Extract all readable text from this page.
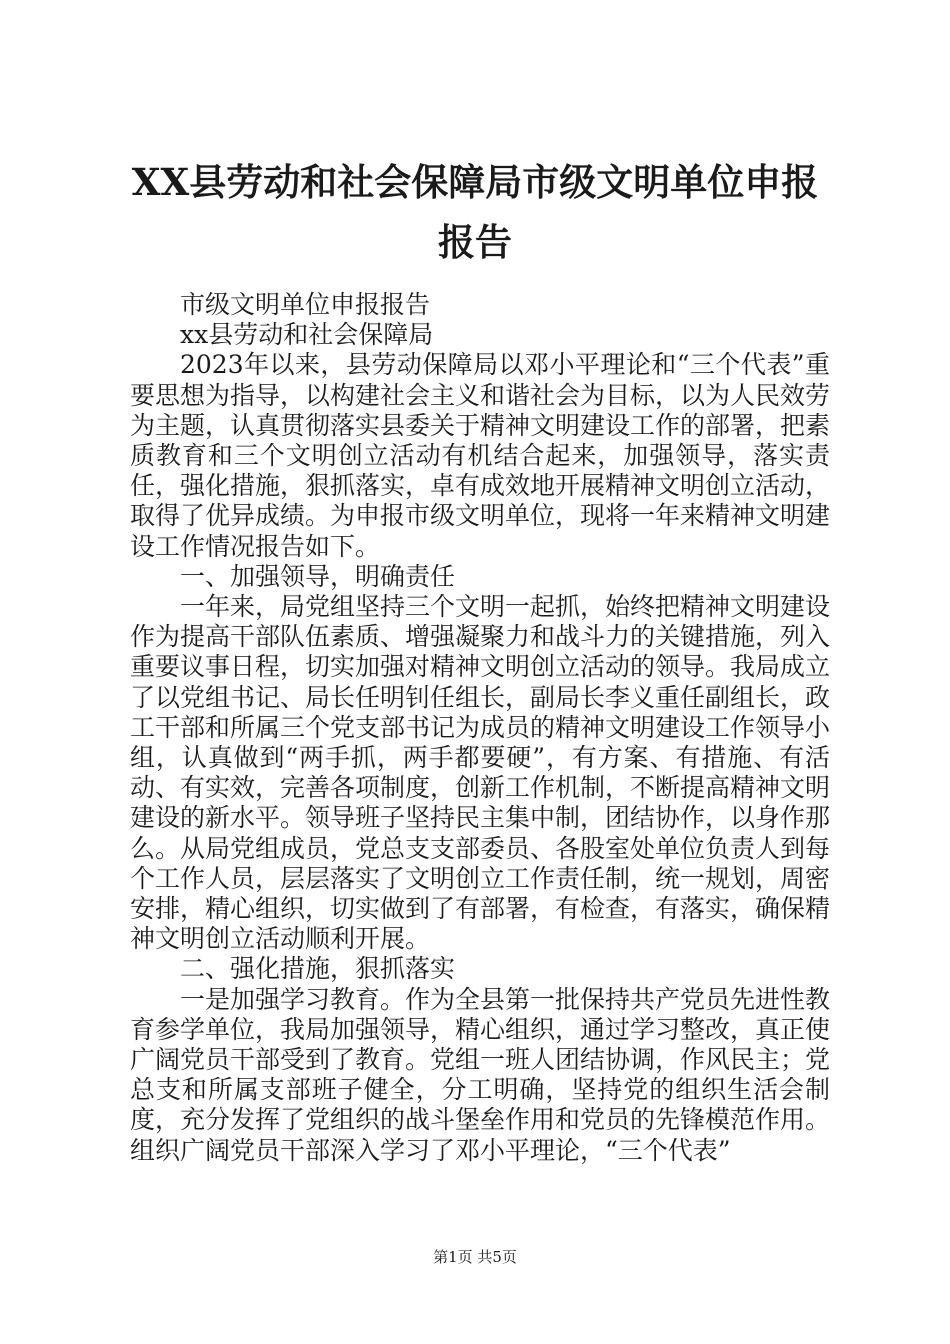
XX县劳动和社会保障局市级文明单位申报报告

市级文明单位申报报告

xx县劳动和社会保障局

2023年以来，县劳动保障局以邓小平理论和“三个代表”重要思想为指导，以构建社会主义和谐社会为目标，以为人民效劳为主题，认真贯彻落实县委关于精神文明建设工作的部署，把素质教育和三个文明创立活动有机结合起来，加强领导，落实责任，强化措施，狠抓落实，卓有成效地开展精神文明创立活动，取得了优异成绩。为申报市级文明单位，现将一年来精神文明建设工作情况报告如下。

一、加强领导，明确责任

一年来，局党组坚持三个文明一起抓，始终把精神文明建设作为提高干部队伍素质、增强凝聚力和战斗力的关键措施，列入重要议事日程，切实加强对精神文明创立活动的领导。我局成立了以党组书记、局长任明钊任组长，副局长李义重任副组长，政工干部和所属三个党支部书记为成员的精神文明建设工作领导小组，认真做到“两手抓，两手都要硬”，有方案、有措施、有活动、有实效，完善各项制度，创新工作机制，不断提高精神文明建设的新水平。领导班子坚持民主集中制，团结协作，以身作那么。从局党组成员，党总支支部委员、各股室处单位负责人到每个工作人员，层层落实了文明创立工作责任制，统一规划，周密安排，精心组织，切实做到了有部署，有检查，有落实，确保精神文明创立活动顺利开展。

二、强化措施，狠抓落实

一是加强学习教育。作为全县第一批保持共产党员先进性教育参学单位，我局加强领导，精心组织，通过学习整改，真正使广阔党员干部受到了教育。党组一班人团结协调，作风民主；党总支和所属支部班子健全，分工明确，坚持党的组织生活会制度，充分发挥了党组织的战斗堡垒作用和党员的先锋模范作用。组织广阔党员干部深入学习了邓小平理论，“三个代表”

第1页 共5页
